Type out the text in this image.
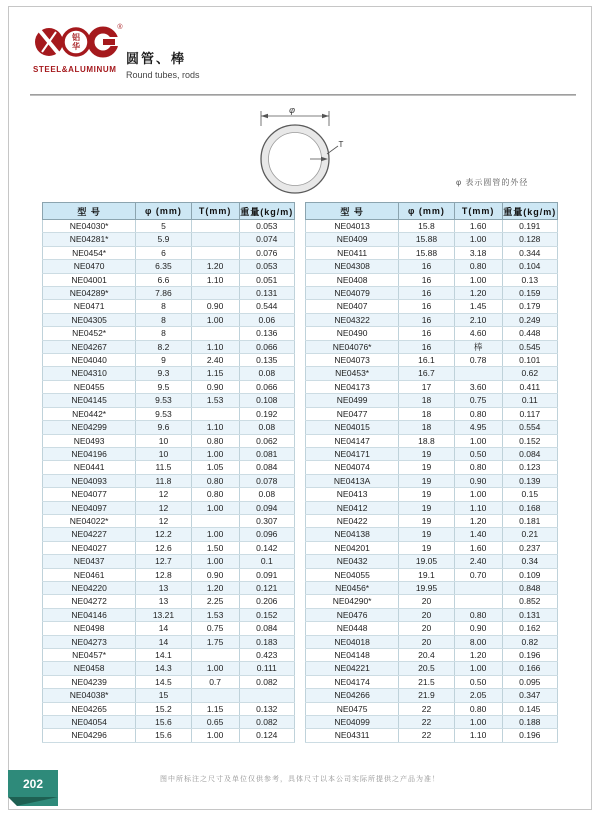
铝
华
®
STEEL&ALUMINUM
圆管、棒
Round tubes, rods
φ
T
φ 表示圆管的外径
型 号	φ (mm)	T(mm)	重量(kg/m)
NE04030*	5		0.053
NE04281*	5.9		0.074
NE0454*	6		0.076
NE0470	6.35	1.20	0.053
NE04001	6.6	1.10	0.051
NE04289*	7.86		0.131
NE0471	8	0.90	0.544
NE04305	8	1.00	0.06
NE0452*	8		0.136
NE04267	8.2	1.10	0.066
NE04040	9	2.40	0.135
NE04310	9.3	1.15	0.08
NE0455	9.5	0.90	0.066
NE04145	9.53	1.53	0.108
NE0442*	9.53		0.192
NE04299	9.6	1.10	0.08
NE0493	10	0.80	0.062
NE04196	10	1.00	0.081
NE0441	11.5	1.05	0.084
NE04093	11.8	0.80	0.078
NE04077	12	0.80	0.08
NE04097	12	1.00	0.094
NE04022*	12		0.307
NE04227	12.2	1.00	0.096
NE04027	12.6	1.50	0.142
NE0437	12.7	1.00	0.1
NE0461	12.8	0.90	0.091
NE04220	13	1.20	0.121
NE04272	13	2.25	0.206
NE04146	13.21	1.53	0.152
NE0498	14	0.75	0.084
NE04273	14	1.75	0.183
NE0457*	14.1		0.423
NE0458	14.3	1.00	0.111
NE04239	14.5	0.7	0.082
NE04038*	15		
NE04265	15.2	1.15	0.132
NE04054	15.6	0.65	0.082
NE04296	15.6	1.00	0.124
型 号	φ (mm)	T(mm)	重量(kg/m)
NE04013	15.8	1.60	0.191
NE0409	15.88	1.00	0.128
NE0411	15.88	3.18	0.344
NE04308	16	0.80	0.104
NE0408	16	1.00	0.13
NE04079	16	1.20	0.159
NE0407	16	1.45	0.179
NE04322	16	2.10	0.249
NE0490	16	4.60	0.448
NE04076*	16	棒	0.545
NE04073	16.1	0.78	0.101
NE0453*	16.7		0.62
NE04173	17	3.60	0.411
NE0499	18	0.75	0.11
NE0477	18	0.80	0.117
NE04015	18	4.95	0.554
NE04147	18.8	1.00	0.152
NE04171	19	0.50	0.084
NE04074	19	0.80	0.123
NE0413A	19	0.90	0.139
NE0413	19	1.00	0.15
NE0412	19	1.10	0.168
NE0422	19	1.20	0.181
NE04138	19	1.40	0.21
NE04201	19	1.60	0.237
NE0432	19.05	2.40	0.34
NE04055	19.1	0.70	0.109
NE0456*	19.95		0.848
NE04290*	20		0.852
NE0476	20	0.80	0.131
NE0448	20	0.90	0.162
NE04018	20	8.00	0.82
NE04148	20.4	1.20	0.196
NE04221	20.5	1.00	0.166
NE04174	21.5	0.50	0.095
NE04266	21.9	2.05	0.347
NE0475	22	0.80	0.145
NE04099	22	1.00	0.188
NE04311	22	1.10	0.196
202	图中所标注之尺寸及单位仅供参考，具体尺寸以本公司实际所提供之产品为准！
